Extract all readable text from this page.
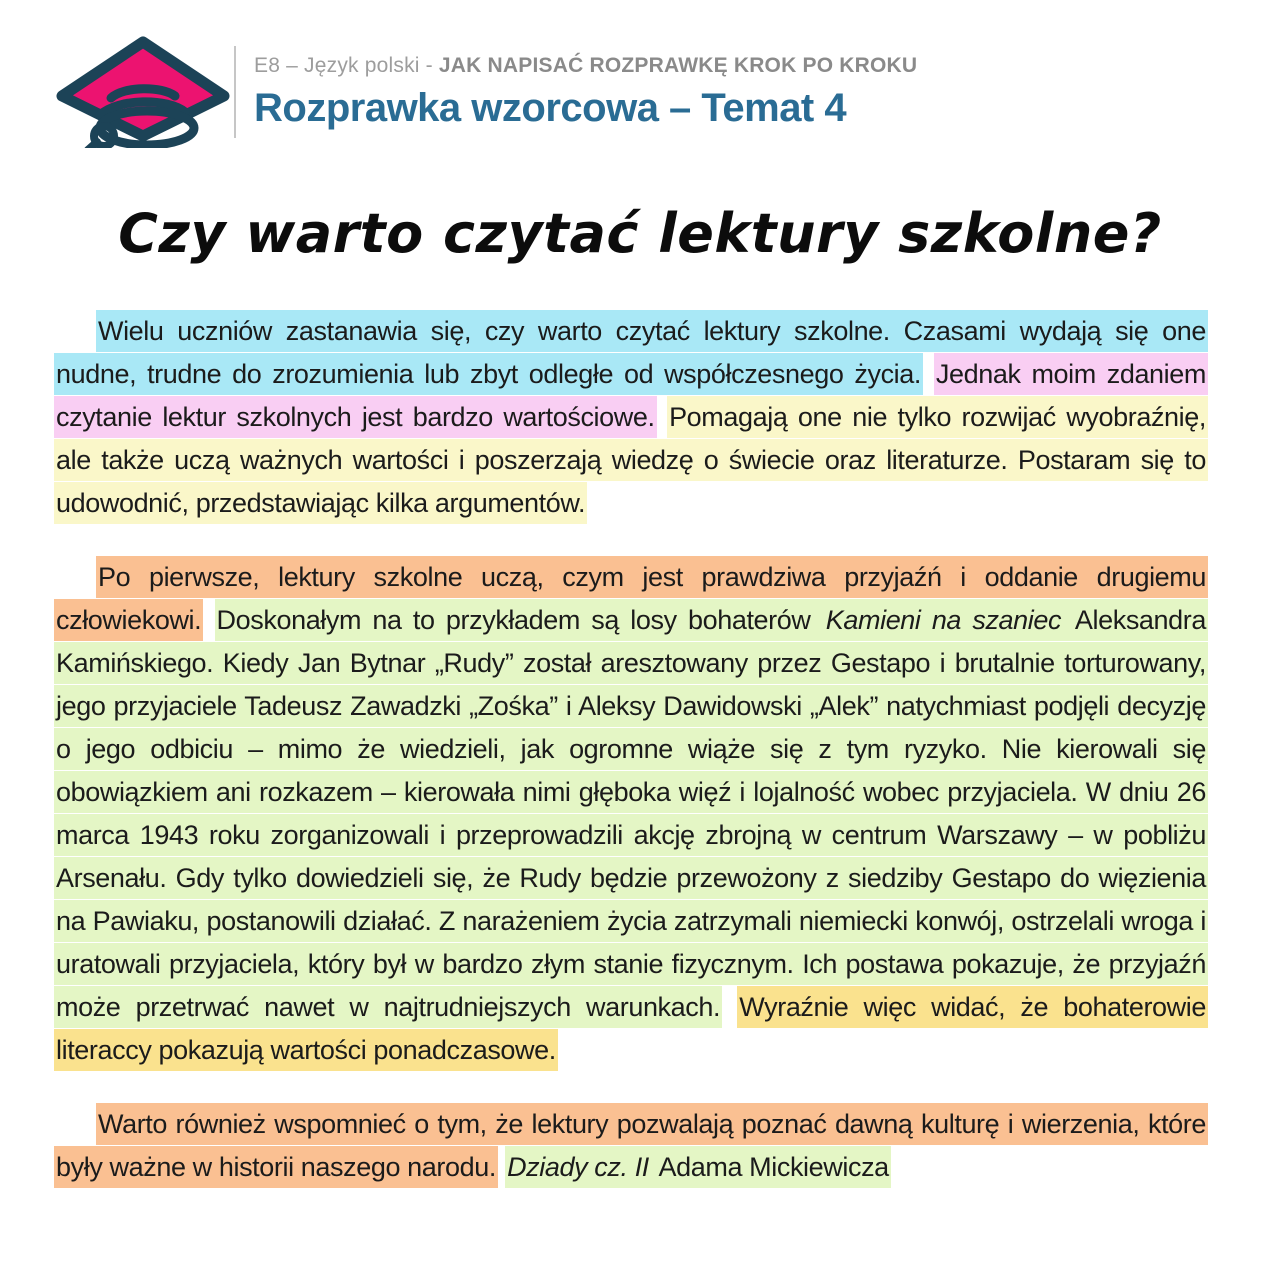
E8 – Język polski - JAK NAPISAĆ ROZPRAWKĘ KROK PO KROKU
Rozprawka wzorcowa – Temat 4
Czy warto czytać lektury szkolne?

Wielu uczniów zastanawia się, czy warto czytać lektury szkolne. Czasami wydają się one nudne, trudne do zrozumienia lub zbyt odległe od współczesnego życia. Jednak moim zdaniem czytanie lektur szkolnych jest bardzo wartościowe. Pomagają one nie tylko rozwijać wyobraźnię, ale także uczą ważnych wartości i poszerzają wiedzę o świecie oraz literaturze. Postaram się to udowodnić, przedstawiając kilka argumentów.

Po pierwsze, lektury szkolne uczą, czym jest prawdziwa przyjaźń i oddanie drugiemu człowiekowi. Doskonałym na to przykładem są losy bohaterów Kamieni na szaniec Aleksandra Kamińskiego. Kiedy Jan Bytnar „Rudy” został aresztowany przez Gestapo i brutalnie torturowany, jego przyjaciele Tadeusz Zawadzki „Zośka” i Aleksy Dawidowski „Alek” natychmiast podjęli decyzję o jego odbiciu – mimo że wiedzieli, jak ogromne wiąże się z tym ryzyko. Nie kierowali się obowiązkiem ani rozkazem – kierowała nimi głęboka więź i lojalność wobec przyjaciela. W dniu 26 marca 1943 roku zorganizowali i przeprowadzili akcję zbrojną w centrum Warszawy – w pobliżu Arsenału. Gdy tylko dowiedzieli się, że Rudy będzie przewożony z siedziby Gestapo do więzienia na Pawiaku, postanowili działać. Z narażeniem życia zatrzymali niemiecki konwój, ostrzelali wroga i uratowali przyjaciela, który był w bardzo złym stanie fizycznym. Ich postawa pokazuje, że przyjaźń może przetrwać nawet w najtrudniejszych warunkach. Wyraźnie więc widać, że bohaterowie literaccy pokazują wartości ponadczasowe.

Warto również wspomnieć o tym, że lektury pozwalają poznać dawną kulturę i wierzenia, które były ważne w historii naszego narodu. Dziady cz. II Adama Mickiewicza
